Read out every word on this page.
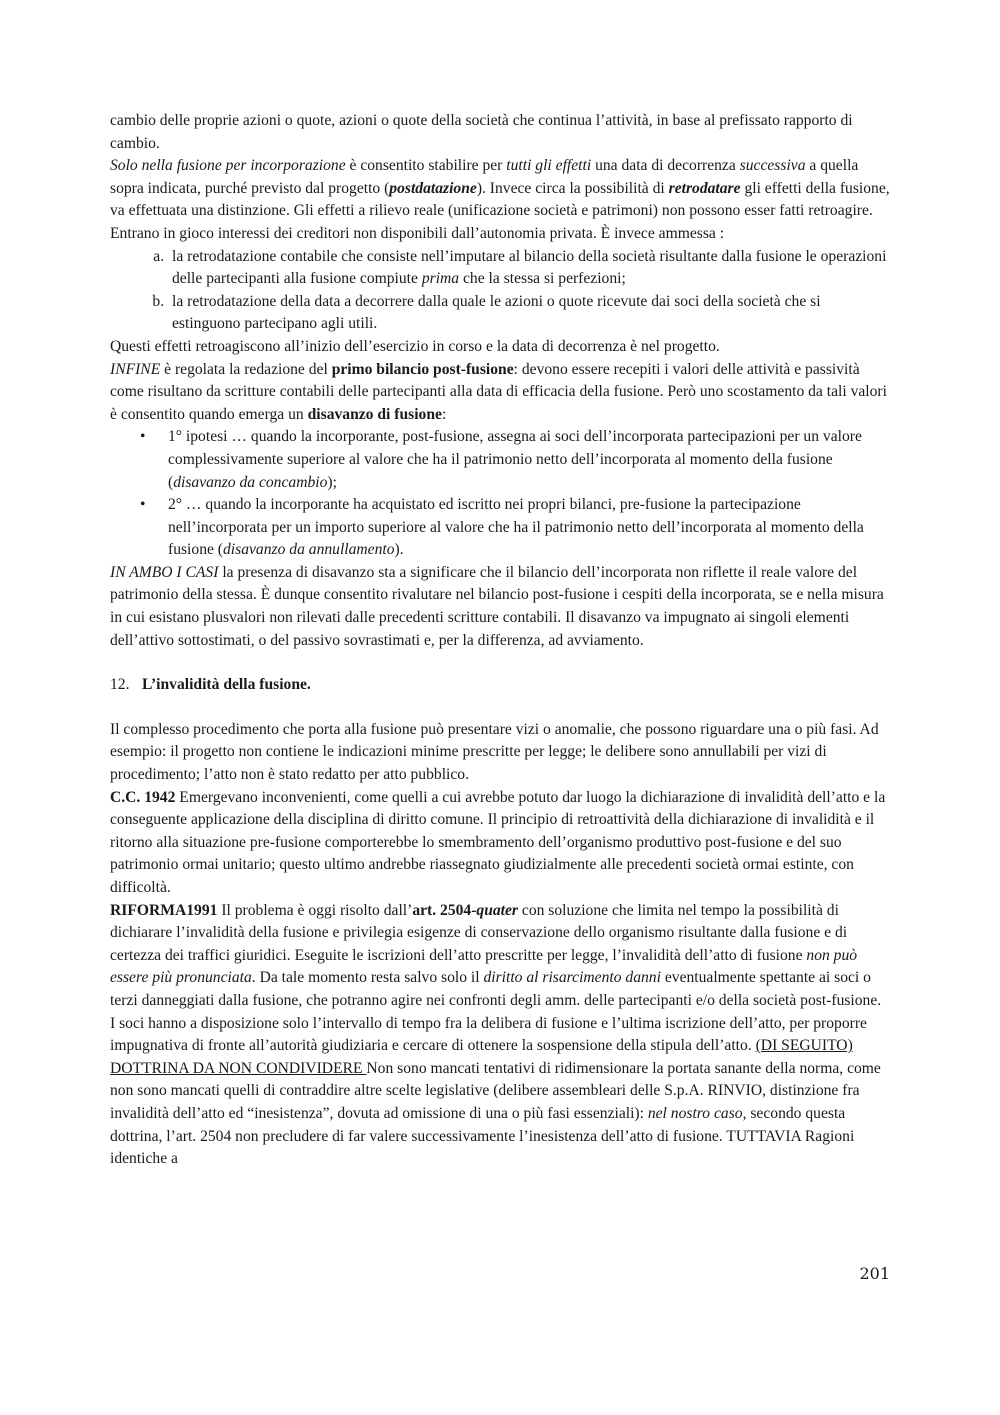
cambio delle proprie azioni o quote, azioni o quote della società che continua l’attività, in base al prefissato rapporto di cambio.

Solo nella fusione per incorporazione è consentito stabilire per tutti gli effetti una data di decorrenza successiva a quella sopra indicata, purché previsto dal progetto (postdatazione). Invece circa la possibilità di retrodatare gli effetti della fusione, va effettuata una distinzione. Gli effetti a rilievo reale (unificazione società e patrimoni) non possono esser fatti retroagire. Entrano in gioco interessi dei creditori non disponibili dall’autonomia privata. È invece ammessa :

a. la retrodatazione contabile che consiste nell’imputare al bilancio della società risultante dalla fusione le operazioni delle partecipanti alla fusione compiute prima che la stessa si perfezioni;
b. la retrodatazione della data a decorrere dalla quale le azioni o quote ricevute dai soci della società che si estinguono partecipano agli utili.

Questi effetti retroagiscono all’inizio dell’esercizio in corso e la data di decorrenza è nel progetto.

INFINE è regolata la redazione del primo bilancio post-fusione: devono essere recepiti i valori delle attività e passività come risultano da scritture contabili delle partecipanti alla data di efficacia della fusione. Però uno scostamento da tali valori è consentito quando emerga un disavanzo di fusione:

• 1° ipotesi … quando la incorporante, post-fusione, assegna ai soci dell’incorporata partecipazioni per un valore complessivamente superiore al valore che ha il patrimonio netto dell’incorporata al momento della fusione (disavanzo da concambio);
• 2° … quando la incorporante ha acquistato ed iscritto nei propri bilanci, pre-fusione la partecipazione nell’incorporata per un importo superiore al valore che ha il patrimonio netto dell’incorporata al momento della fusione (disavanzo da annullamento).

IN AMBO I CASI la presenza di disavanzo sta a significare che il bilancio dell’incorporata non riflette il reale valore del patrimonio della stessa. È dunque consentito rivalutare nel bilancio post-fusione i cespiti della incorporata, se e nella misura in cui esistano plusvalori non rilevati dalle precedenti scritture contabili. Il disavanzo va impugnato ai singoli elementi dell’attivo sottostimati, o del passivo sovrastimati e, per la differenza, ad avviamento.

12. L’invalidità della fusione.

Il complesso procedimento che porta alla fusione può presentare vizi o anomalie, che possono riguardare una o più fasi. Ad esempio: il progetto non contiene le indicazioni minime prescritte per legge; le delibere sono annullabili per vizi di procedimento; l’atto non è stato redatto per atto pubblico.

C.C. 1942 Emergevano inconvenienti, come quelli a cui avrebbe potuto dar luogo la dichiarazione di invalidità dell’atto e la conseguente applicazione della disciplina di diritto comune. Il principio di retroattività della dichiarazione di invalidità e il ritorno alla situazione pre-fusione comporterebbe lo smembramento dell’organismo produttivo post-fusione e del suo patrimonio ormai unitario; questo ultimo andrebbe riassegnato giudizialmente alle precedenti società ormai estinte, con difficoltà.

RIFORMA1991 Il problema è oggi risolto dall’art. 2504-quater con soluzione che limita nel tempo la possibilità di dichiarare l’invalidità della fusione e privilegia esigenze di conservazione dello organismo risultante dalla fusione e di certezza dei traffici giuridici. Eseguite le iscrizioni dell’atto prescritte per legge, l’invalidità dell’atto di fusione non può essere più pronunciata. Da tale momento resta salvo solo il diritto al risarcimento danni eventualmente spettante ai soci o terzi danneggiati dalla fusione, che potranno agire nei confronti degli amm. delle partecipanti e/o della società post-fusione.

I soci hanno a disposizione solo l’intervallo di tempo fra la delibera di fusione e l’ultima iscrizione dell’atto, per proporre impugnativa di fronte all’autorità giudiziaria e cercare di ottenere la sospensione della stipula dell’atto. (DI SEGUITO) DOTTRINA DA NON CONDIVIDERE Non sono mancati tentativi di ridimensionare la portata sanante della norma, come non sono mancati quelli di contraddire altre scelte legislative (delibere assembleari delle S.p.A. RINVIO, distinzione fra invalidità dell’atto ed “inesistenza”, dovuta ad omissione di una o più fasi essenziali): nel nostro caso, secondo questa dottrina, l’art. 2504 non precludere di far valere successivamente l’inesistenza dell’atto di fusione. TUTTAVIA Ragioni identiche a

201
